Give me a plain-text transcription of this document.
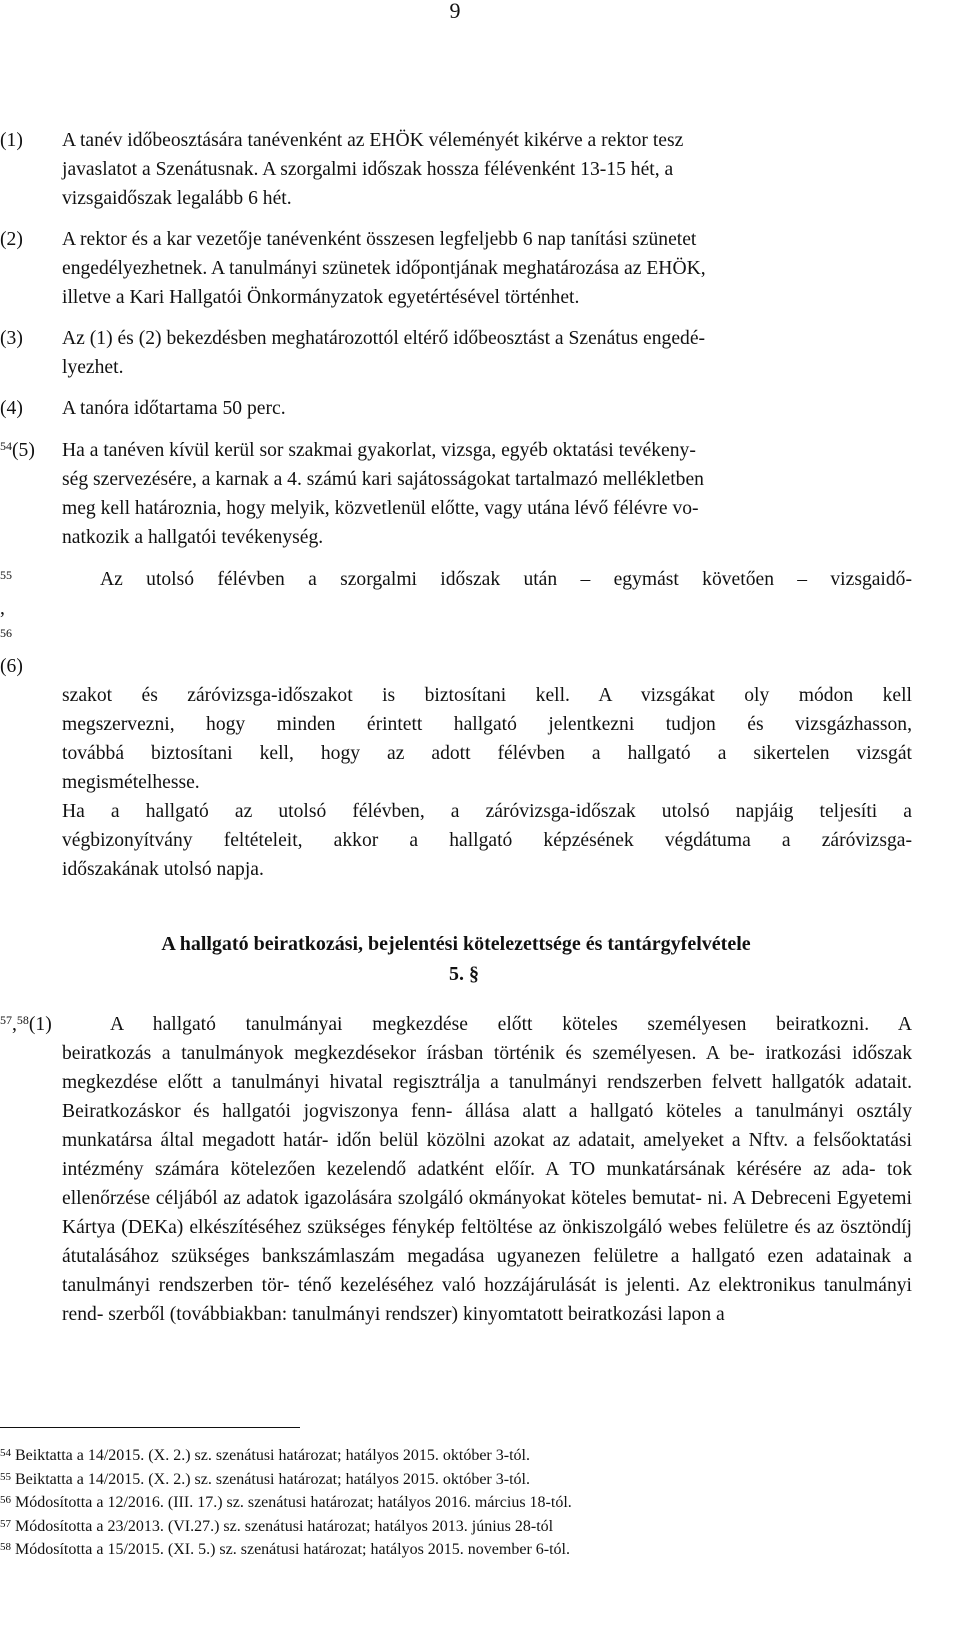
9
(1) A tanév időbeosztására tanévenként az EHÖK véleményét kikérve a rektor tesz
javaslatot a Szenátusnak. A szorgalmi időszak hossza félévenként 13-15 hét, a
vizsgaidőszak legalább 6 hét.
(2) A rektor és a kar vezetője tanévenként összesen legfeljebb 6 nap tanítási szünetet
engedélyezhetnek. A tanulmányi szünetek időpontjának meghatározása az EHÖK,
illetve a Kari Hallgatói Önkormányzatok egyetértésével történhet.
(3) Az (1) és (2) bekezdésben meghatározottól eltérő időbeosztást a Szenátus engedé-
lyezhet.
(4) A tanóra időtartama 50 perc.
$^{54}$(5) Ha a tanéven kívül kerül sor szakmai gyakorlat, vizsga, egyéb oktatási tevékeny-
ség szervezésére, a karnak a 4. számú kari sajátosságokat tartalmazó mellékletben
meg kell határoznia, hogy melyik, közvetlenül előtte, vagy utána lévő félévre vo-
natkozik a hallgatói tevékenység.
55
,
56
(6)
Az utolsó félévben a szorgalmi időszak után – egymást követően – vizsgaidő-
szakot és záróvizsga-időszakot is biztosítani kell. A vizsgákat oly módon kell
megszervezni, hogy minden érintett hallgató jelentkezni tudjon és vizsgázhasson,
továbbá biztosítani kell, hogy az adott félévben a hallgató a sikertelen vizsgát
megismételhesse.
Ha a hallgató az utolsó félévben, a záróvizsga-időszak utolsó napjáig teljesíti a
végbizonyítvány feltételeit, akkor a hallgató képzésének végdátuma a záróvizsga-
időszakának utolsó napja.
A hallgató beiratkozási, bejelentési kötelezettsége és tantárgyfelvétele
5. §
$^{57}$,$^{58}$(1)	A hallgató tanulmányai megkezdése előtt köteles személyesen beiratkozni. A
beiratkozás a tanulmányok megkezdésekor írásban történik és személyesen. A be- iratkozási időszak megkezdése előtt a tanulmányi hivatal regisztrálja a tanulmányi rendszerben felvett hallgatók adatait. Beiratkozáskor és hallgatói jogviszonya fenn- állása alatt a hallgató köteles a tanulmányi osztály munkatársa által megadott határ- időn belül közölni azokat az adatait, amelyeket a Nftv. a felsőoktatási intézmény számára kötelezően kezelendő adatként előír. A TO munkatársának kérésére az ada- tok ellenőrzése céljából az adatok igazolására szolgáló okmányokat köteles bemutat- ni. A Debreceni Egyetemi Kártya (DEKa) elkészítéséhez szükséges fénykép feltöltése az önkiszolgáló webes felületre és az ösztöndíj átutalásához szükséges bankszámlaszám megadása ugyanezen felületre a hallgató ezen adatainak a tanulmányi rendszerben tör- ténő kezeléséhez való hozzájárulását is jelenti. Az elektronikus tanulmányi rend- szerből (továbbiakban: tanulmányi rendszer) kinyomtatott beiratkozási lapon a
$^{54}$ Beiktatta a 14/2015. (X. 2.) sz. szenátusi határozat; hatályos 2015. október 3-tól.
$^{55}$ Beiktatta a 14/2015. (X. 2.) sz. szenátusi határozat; hatályos 2015. október 3-tól.
$^{56}$ Módosította a 12/2016. (III. 17.) sz. szenátusi határozat; hatályos 2016. március 18-tól.
$^{57}$ Módosította a 23/2013. (VI.27.) sz. szenátusi határozat; hatályos 2013. június 28-tól
$^{58}$ Módosította a 15/2015. (XI. 5.) sz. szenátusi határozat; hatályos 2015. november 6-tól.
